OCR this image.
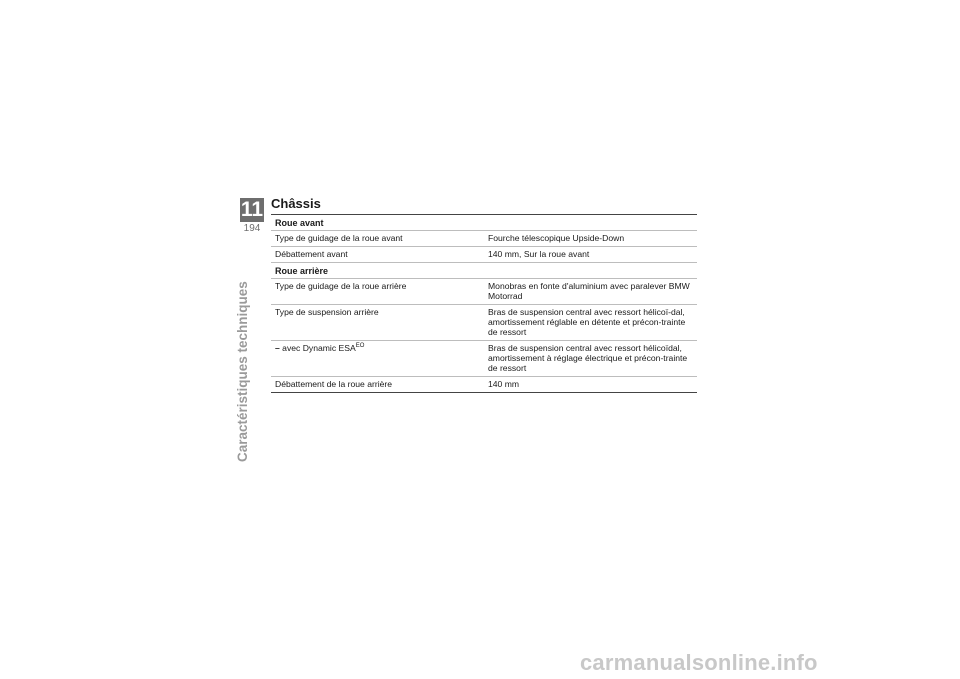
11
194
Caractéristiques techniques
Châssis
Roue avant
Type de guidage de la roue avant	Fourche télescopique Upside-Down
Débattement avant	140 mm, Sur la roue avant
Roue arrière
Type de guidage de la roue arrière	Monobras en fonte d'aluminium avec paralever BMW Motorrad
Type de suspension arrière	Bras de suspension central avec ressort hélicoï-dal, amortissement réglable en détente et précon-trainte de ressort
– avec Dynamic $ESA^{EO}$	Bras de suspension central avec ressort hélicoïdal, amortissement à réglage électrique et précon-trainte de ressort
Débattement de la roue arrière	140 mm
carmanualsonline.info
